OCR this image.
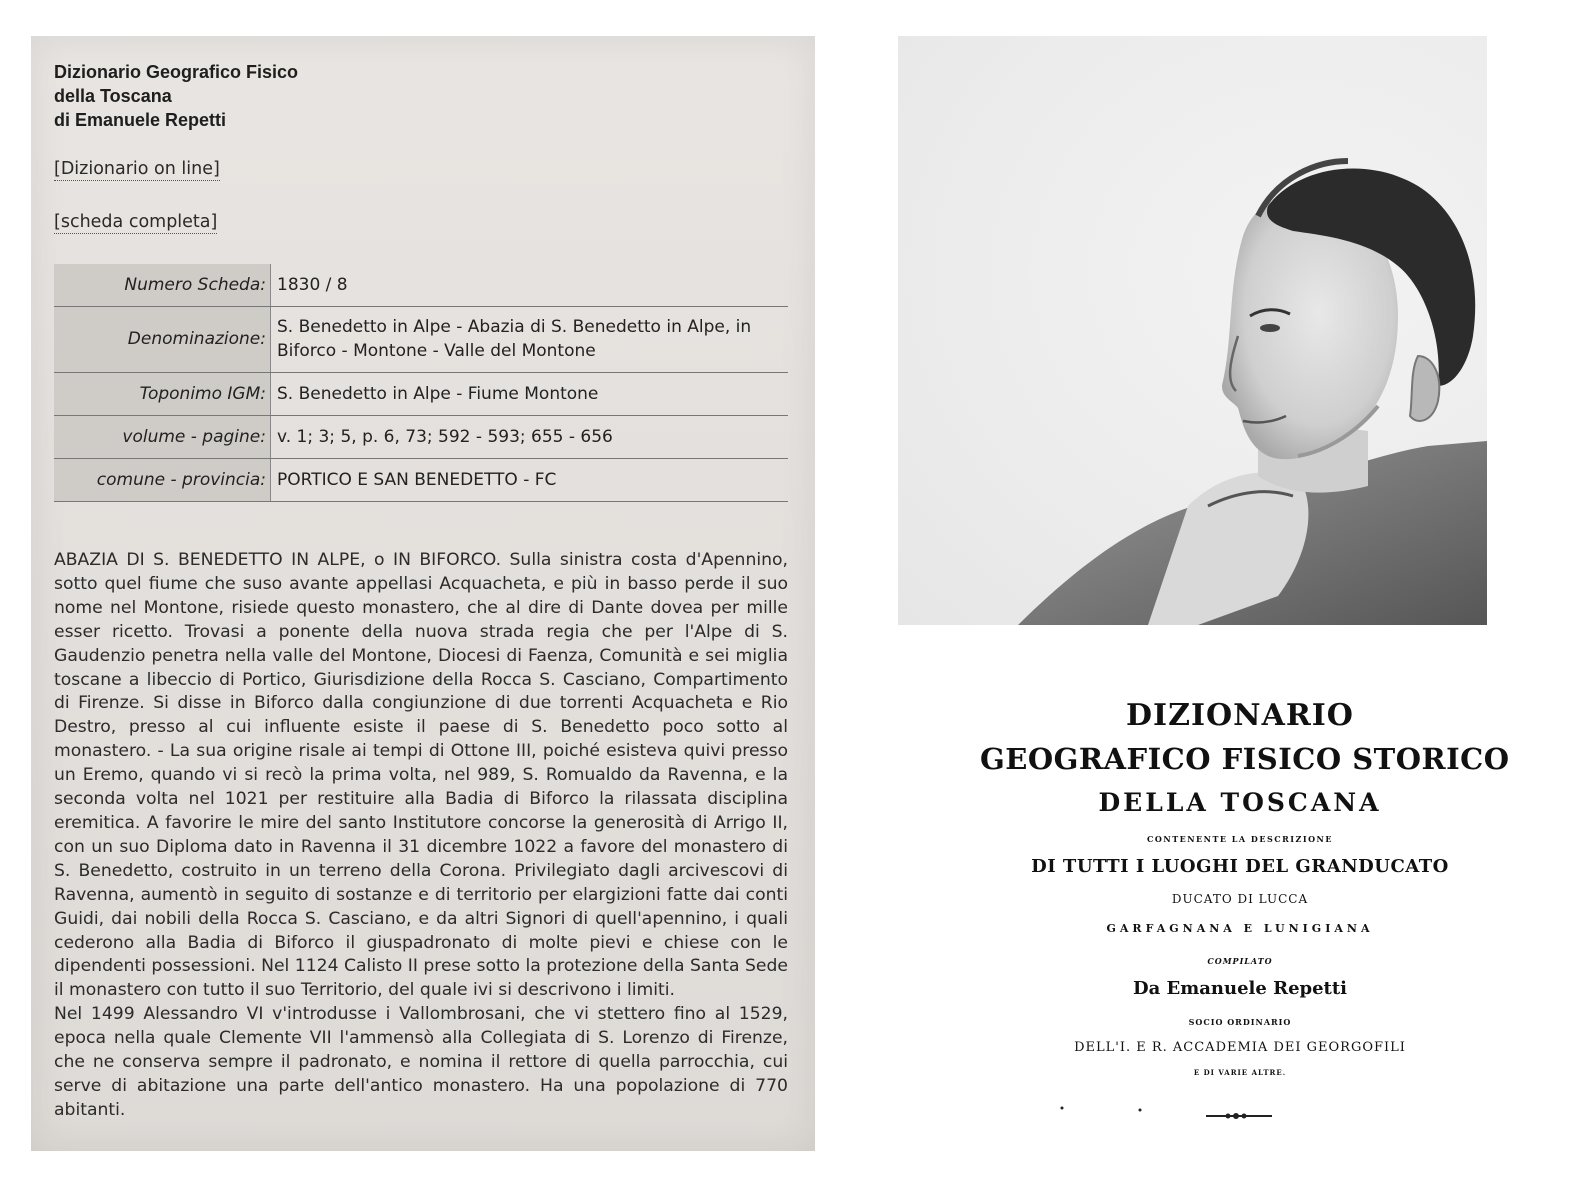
Dizionario Geografico Fisico
della Toscana
di Emanuele Repetti
[Dizionario on line]
[scheda completa]
Numero Scheda:	1830 / 8
Denominazione:	S. Benedetto in Alpe - Abazia di S. Benedetto in Alpe, in Biforco - Montone - Valle del Montone
Toponimo IGM:	S. Benedetto in Alpe - Fiume Montone
volume - pagine:	v. 1; 3; 5, p. 6, 73; 592 - 593; 655 - 656
comune - provincia:	PORTICO E SAN BENEDETTO - FC

ABAZIA DI S. BENEDETTO IN ALPE, o IN BIFORCO. Sulla sinistra costa d'Apennino, sotto quel fiume che suso avante appellasi Acquacheta, e più in basso perde il suo nome nel Montone, risiede questo monastero, che al dire di Dante dovea per mille esser ricetto. Trovasi a ponente della nuova strada regia che per l'Alpe di S. Gaudenzio penetra nella valle del Montone, Diocesi di Faenza, Comunità e sei miglia toscane a libeccio di Portico, Giurisdizione della Rocca S. Casciano, Compartimento di Firenze. Si disse in Biforco dalla congiunzione di due torrenti Acquacheta e Rio Destro, presso al cui influente esiste il paese di S. Benedetto poco sotto al monastero. - La sua origine risale ai tempi di Ottone III, poiché esisteva quivi presso un Eremo, quando vi si recò la prima volta, nel 989, S. Romualdo da Ravenna, e la seconda volta nel 1021 per restituire alla Badia di Biforco la rilassata disciplina eremitica. A favorire le mire del santo Institutore concorse la generosità di Arrigo II, con un suo Diploma dato in Ravenna il 31 dicembre 1022 a favore del monastero di S. Benedetto, costruito in un terreno della Corona. Privilegiato dagli arcivescovi di Ravenna, aumentò in seguito di sostanze e di territorio per elargizioni fatte dai conti Guidi, dai nobili della Rocca S. Casciano, e da altri Signori di quell'apennino, i quali cederono alla Badia di Biforco il giuspadronato di molte pievi e chiese con le dipendenti possessioni. Nel 1124 Calisto II prese sotto la protezione della Santa Sede il monastero con tutto il suo Territorio, del quale ivi si descrivono i limiti.

Nel 1499 Alessandro VI v'introdusse i Vallombrosani, che vi stettero fino al 1529, epoca nella quale Clemente VII l'ammensò alla Collegiata di S. Lorenzo di Firenze, che ne conserva sempre il padronato, e nomina il rettore di quella parrocchia, cui serve di abitazione una parte dell'antico monastero. Ha una popolazione di 770 abitanti.

DIZIONARIO
GEOGRAFICO FISICO STORICO
DELLA TOSCANA
CONTENENTE LA DESCRIZIONE
DI TUTTI I LUOGHI DEL GRANDUCATO
DUCATO DI LUCCA
GARFAGNANA E LUNIGIANA
COMPILATO
Da Emanuele Repetti
SOCIO ORDINARIO
DELL'I. E R. ACCADEMIA DEI GEORGOFILI
E DI VARIE ALTRE.
